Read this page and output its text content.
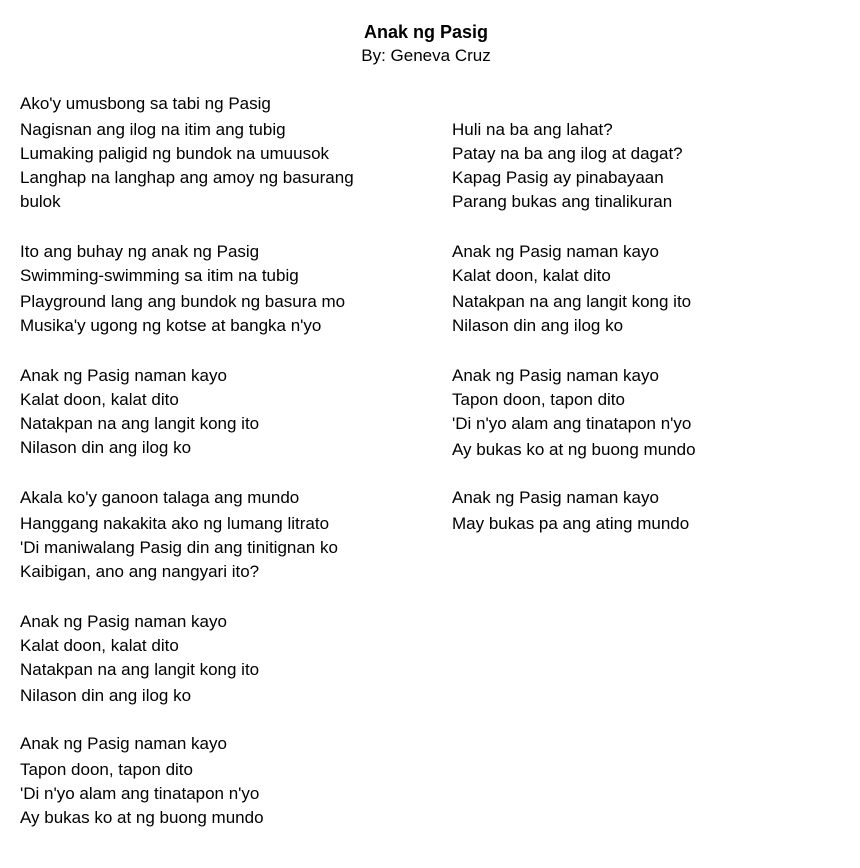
Anak ng Pasig
By: Geneva Cruz
Ako'y umusbong sa tabi ng Pasig
Nagisnan ang ilog na itim ang tubig
Lumaking paligid ng bundok na umuusok
Langhap na langhap ang amoy ng basurang
bulok
Ito ang buhay ng anak ng Pasig
Swimming-swimming sa itim na tubig
Playground lang ang bundok ng basura mo
Musika'y ugong ng kotse at bangka n'yo
Anak ng Pasig naman kayo
Kalat doon, kalat dito
Natakpan na ang langit kong ito
Nilason din ang ilog ko
Akala ko'y ganoon talaga ang mundo
Hanggang nakakita ako ng lumang litrato
'Di maniwalang Pasig din ang tinitignan ko
Kaibigan, ano ang nangyari ito?
Anak ng Pasig naman kayo
Kalat doon, kalat dito
Natakpan na ang langit kong ito
Nilason din ang ilog ko
Anak ng Pasig naman kayo
Tapon doon, tapon dito
'Di n'yo alam ang tinatapon n'yo
Ay bukas ko at ng buong mundo
Huli na ba ang lahat?
Patay na ba ang ilog at dagat?
Kapag Pasig ay pinabayaan
Parang bukas ang tinalikuran
Anak ng Pasig naman kayo
Kalat doon, kalat dito
Natakpan na ang langit kong ito
Nilason din ang ilog ko
Anak ng Pasig naman kayo
Tapon doon, tapon dito
'Di n'yo alam ang tinatapon n'yo
Ay bukas ko at ng buong mundo
Anak ng Pasig naman kayo
May bukas pa ang ating mundo
